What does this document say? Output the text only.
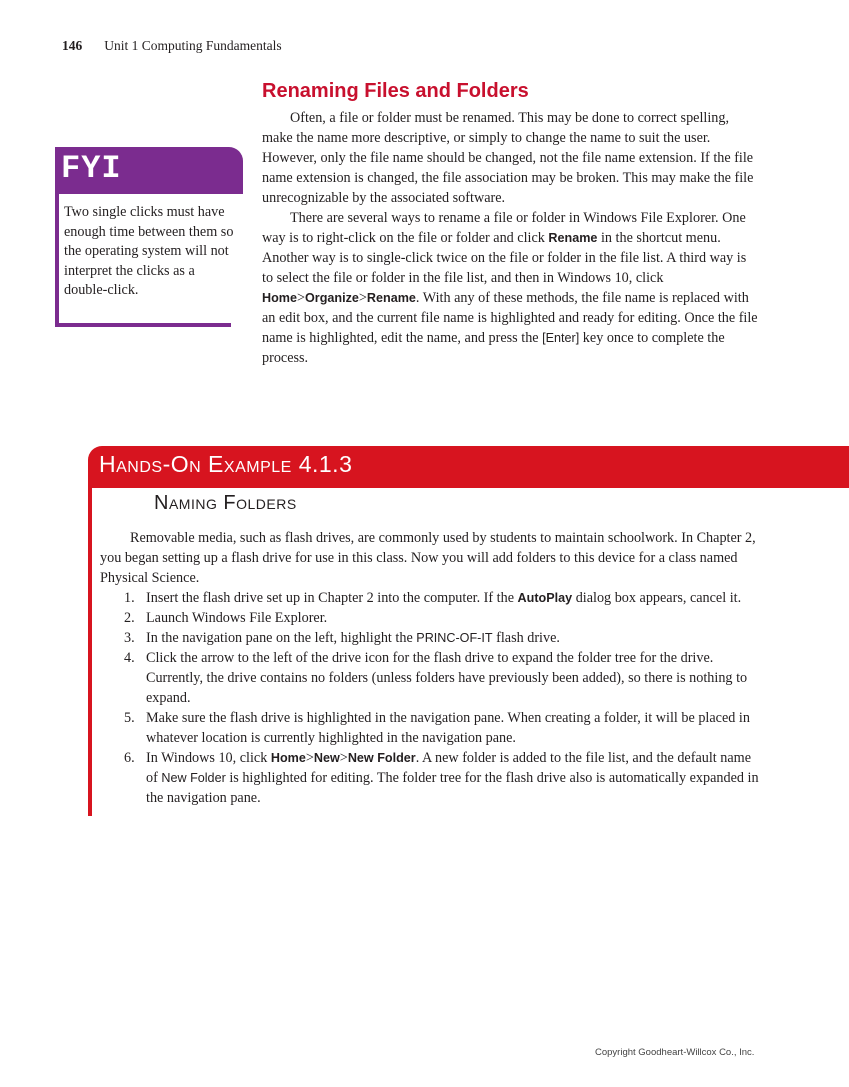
146 Unit 1 Computing Fundamentals
Renaming Files and Folders

Often, a file or folder must be renamed. This may be done to correct spelling, make the name more descriptive, or simply to change the name to suit the user. However, only the file name should be changed, not the file name extension. If the file name extension is changed, the file association may be broken. This may make the file unrecognizable by the associated software.

There are several ways to rename a file or folder in Windows File Explorer. One way is to right-click on the file or folder and click Rename in the shortcut menu. Another way is to single-click twice on the file or folder in the file list. A third way is to select the file or folder in the file list, and then in Windows 10, click Home>Organize>Rename. With any of these methods, the file name is replaced with an edit box, and the current file name is highlighted and ready for editing. Once the file name is highlighted, edit the name, and press the [Enter] key once to complete the process.

FYI
Two single clicks must have enough time between them so the operating system will not interpret the clicks as a double-click.
Hands-On Example 4.1.3
Naming Folders

Removable media, such as flash drives, are commonly used by students to maintain schoolwork. In Chapter 2, you began setting up a flash drive for use in this class. Now you will add folders to this device for a class named Physical Science.

1. Insert the flash drive set up in Chapter 2 into the computer. If the AutoPlay dialog box appears, cancel it.
2. Launch Windows File Explorer.
3. In the navigation pane on the left, highlight the PRINC-OF-IT flash drive.
4. Click the arrow to the left of the drive icon for the flash drive to expand the folder tree for the drive. Currently, the drive contains no folders (unless folders have previously been added), so there is nothing to expand.
5. Make sure the flash drive is highlighted in the navigation pane. When creating a folder, it will be placed in whatever location is currently highlighted in the navigation pane.
6. In Windows 10, click Home>New>New Folder. A new folder is added to the file list, and the default name of New Folder is highlighted for editing. The folder tree for the flash drive also is automatically expanded in the navigation pane.
Copyright Goodheart-Willcox Co., Inc.
